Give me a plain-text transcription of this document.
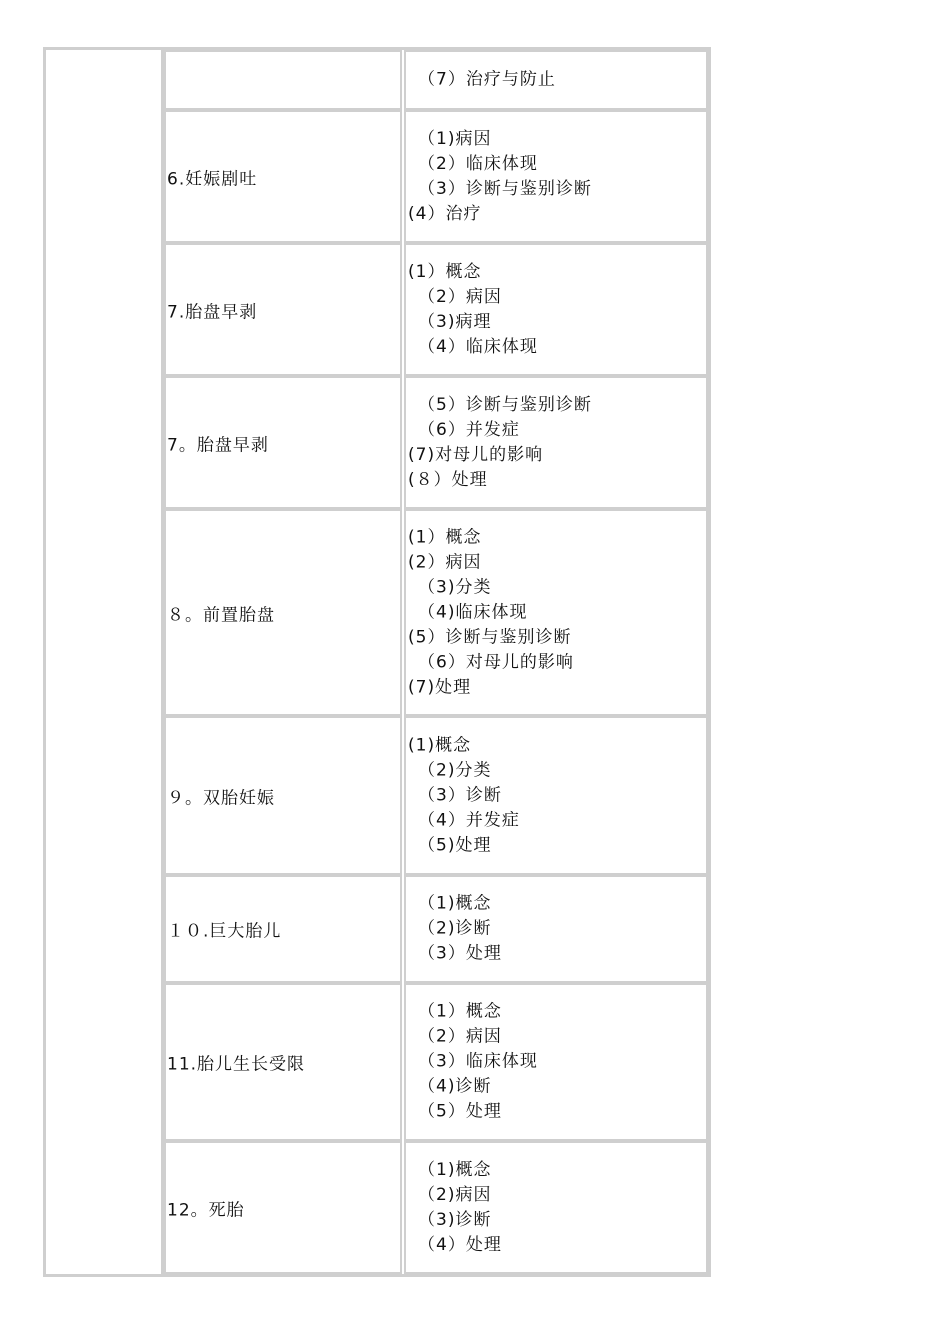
（7）治疗与防止
6.妊娠剧吐
（1)病因
（2）临床体现
（3）诊断与鉴别诊断
(4）治疗
7.胎盘早剥
(1）概念
（2）病因
（3)病理
（4）临床体现
7。胎盘早剥
（5）诊断与鉴别诊断
（6）并发症
(7)对母儿的影响
(８）处理
８。前置胎盘
(1）概念
(2）病因
（3)分类
（4)临床体现
(5）诊断与鉴别诊断
（6）对母儿的影响
(7)处理
９。双胎妊娠
(1)概念
（2)分类
（3）诊断
（4）并发症
（5)处理
１０.巨大胎儿
（1)概念
（2)诊断
（3）处理
11.胎儿生长受限
（1）概念
（2）病因
（3）临床体现
（4)诊断
（5）处理
12。死胎
（1)概念
（2)病因
（3)诊断
（4）处理
